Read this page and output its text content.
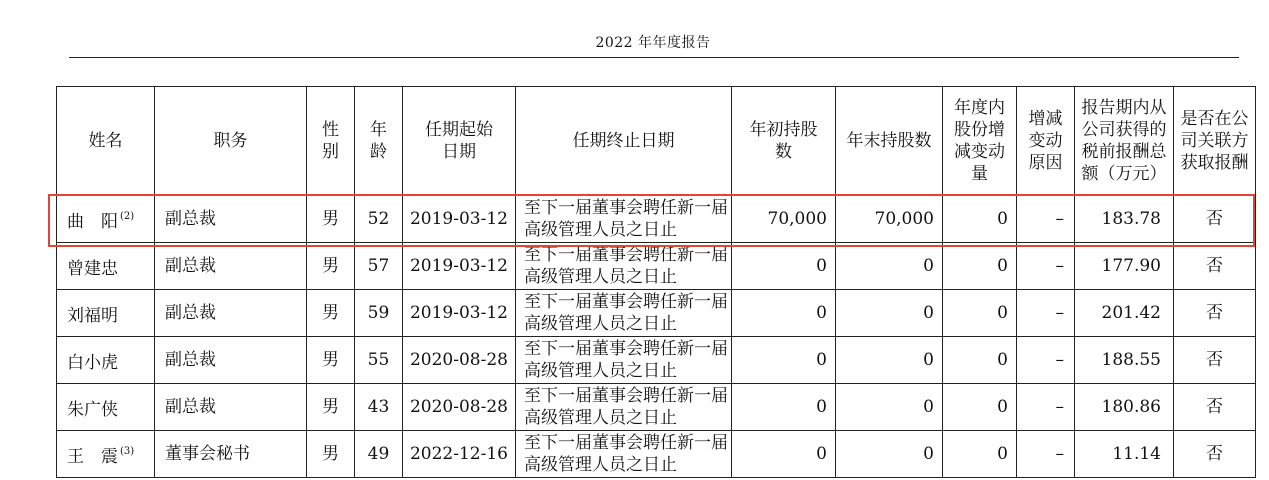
2022 年年度报告
姓名	职务	性别	年龄	任期起始日期	任期终止日期	年初持股数	年末持股数	年度内股份增减变动量	增减变动原因	报告期内从公司获得的税前报酬总额（万元）	是否在公司关联方获取报酬
曲　阳 $^{(2)}$	副总裁	男	52	2019-03-12	至下一届董事会聘任新一届高级管理人员之日止	70,000	70,000	0	–	183.78	否
曾建忠	副总裁	男	57	2019-03-12	至下一届董事会聘任新一届高级管理人员之日止	0	0	0	–	177.90	否
刘福明	副总裁	男	59	2019-03-12	至下一届董事会聘任新一届高级管理人员之日止	0	0	0	–	201.42	否
白小虎	副总裁	男	55	2020-08-28	至下一届董事会聘任新一届高级管理人员之日止	0	0	0	–	188.55	否
朱广侠	副总裁	男	43	2020-08-28	至下一届董事会聘任新一届高级管理人员之日止	0	0	0	–	180.86	否
王　震 $^{(3)}$	董事会秘书	男	49	2022-12-16	至下一届董事会聘任新一届高级管理人员之日止	0	0	0	–	11.14	否
